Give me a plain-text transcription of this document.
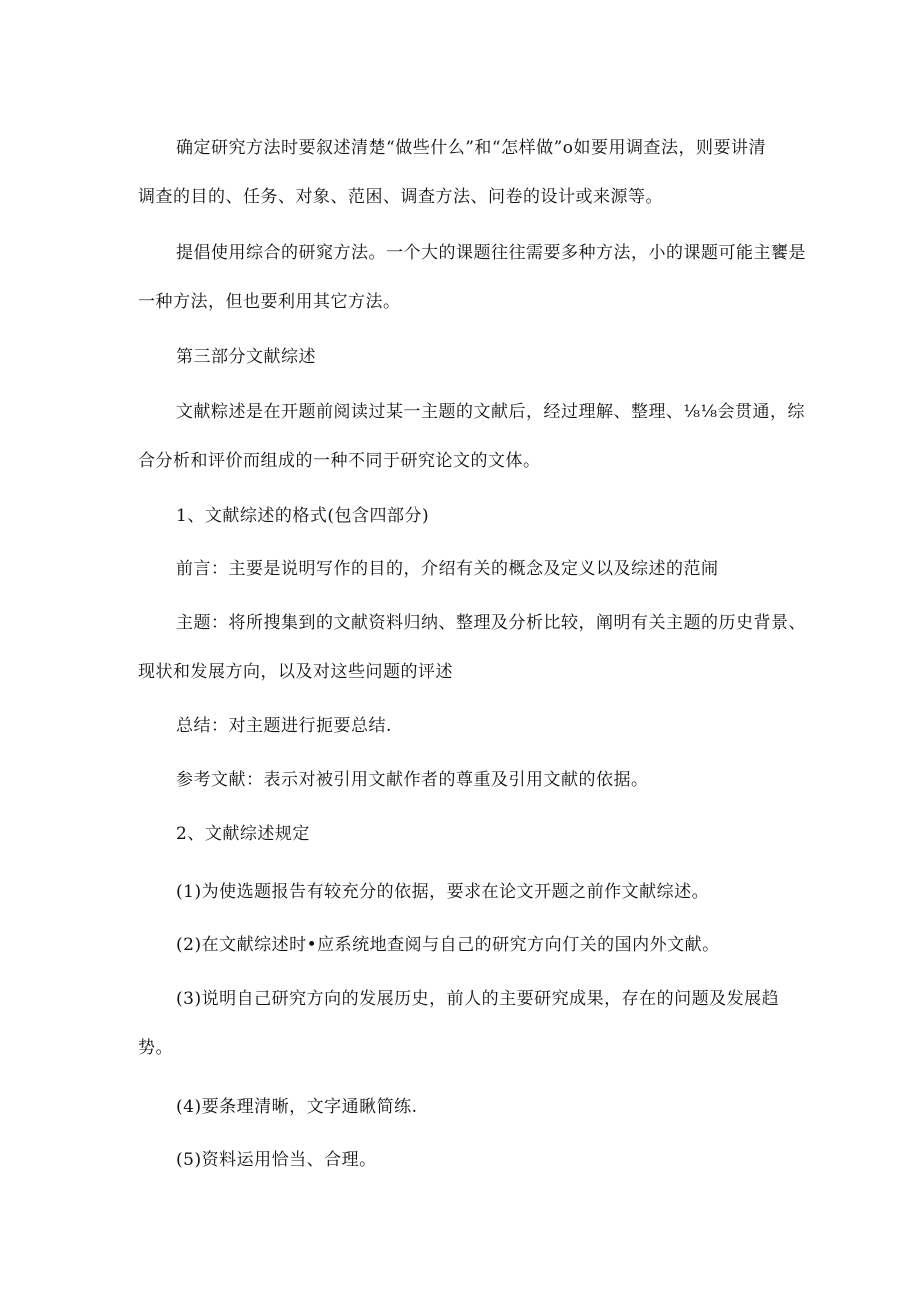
确定研究方法时要叙述清楚“做些什么”和“怎样做”o如要用调查法，则要讲清
调查的目的、任务、对象、范困、调查方法、问卷的设计或来源等。
提倡使用综合的研窕方法。一个大的课题往往需要多种方法，小的课题可能主饔是
一种方法，但也要利用其它方法。
第三部分文献综述
文献粽述是在开题前阅读过某一主题的文献后，经过理解、整理、⅛⅛会贯通，综
合分析和评价而组成的一种不同于研究论文的文体。
1、文献综述的格式(包含四部分)
前言：主要是说明写作的目的，介绍有关的概念及定义以及综述的范闹
主题：将所搜集到的文献资料归纳、整理及分析比较，阐明有关主题的历史背景、
现状和发展方向，以及对这些问题的评述
总结：对主题进行扼要总结.
参考文献：表示对被引用文献作者的尊重及引用文献的依据。
2、文献综述规定
(1)为使选题报告有较充分的依据，要求在论文开题之前作文献综述。
(2)在文献综述时•应系统地查阅与自己的研究方向仃关的国内外文献。
(3)说明自己研究方向的发展历史，前人的主要研究成果，存在的问题及发展趋
势。
(4)要条理清晰，文字通瞅简练.
(5)资料运用恰当、合理。
